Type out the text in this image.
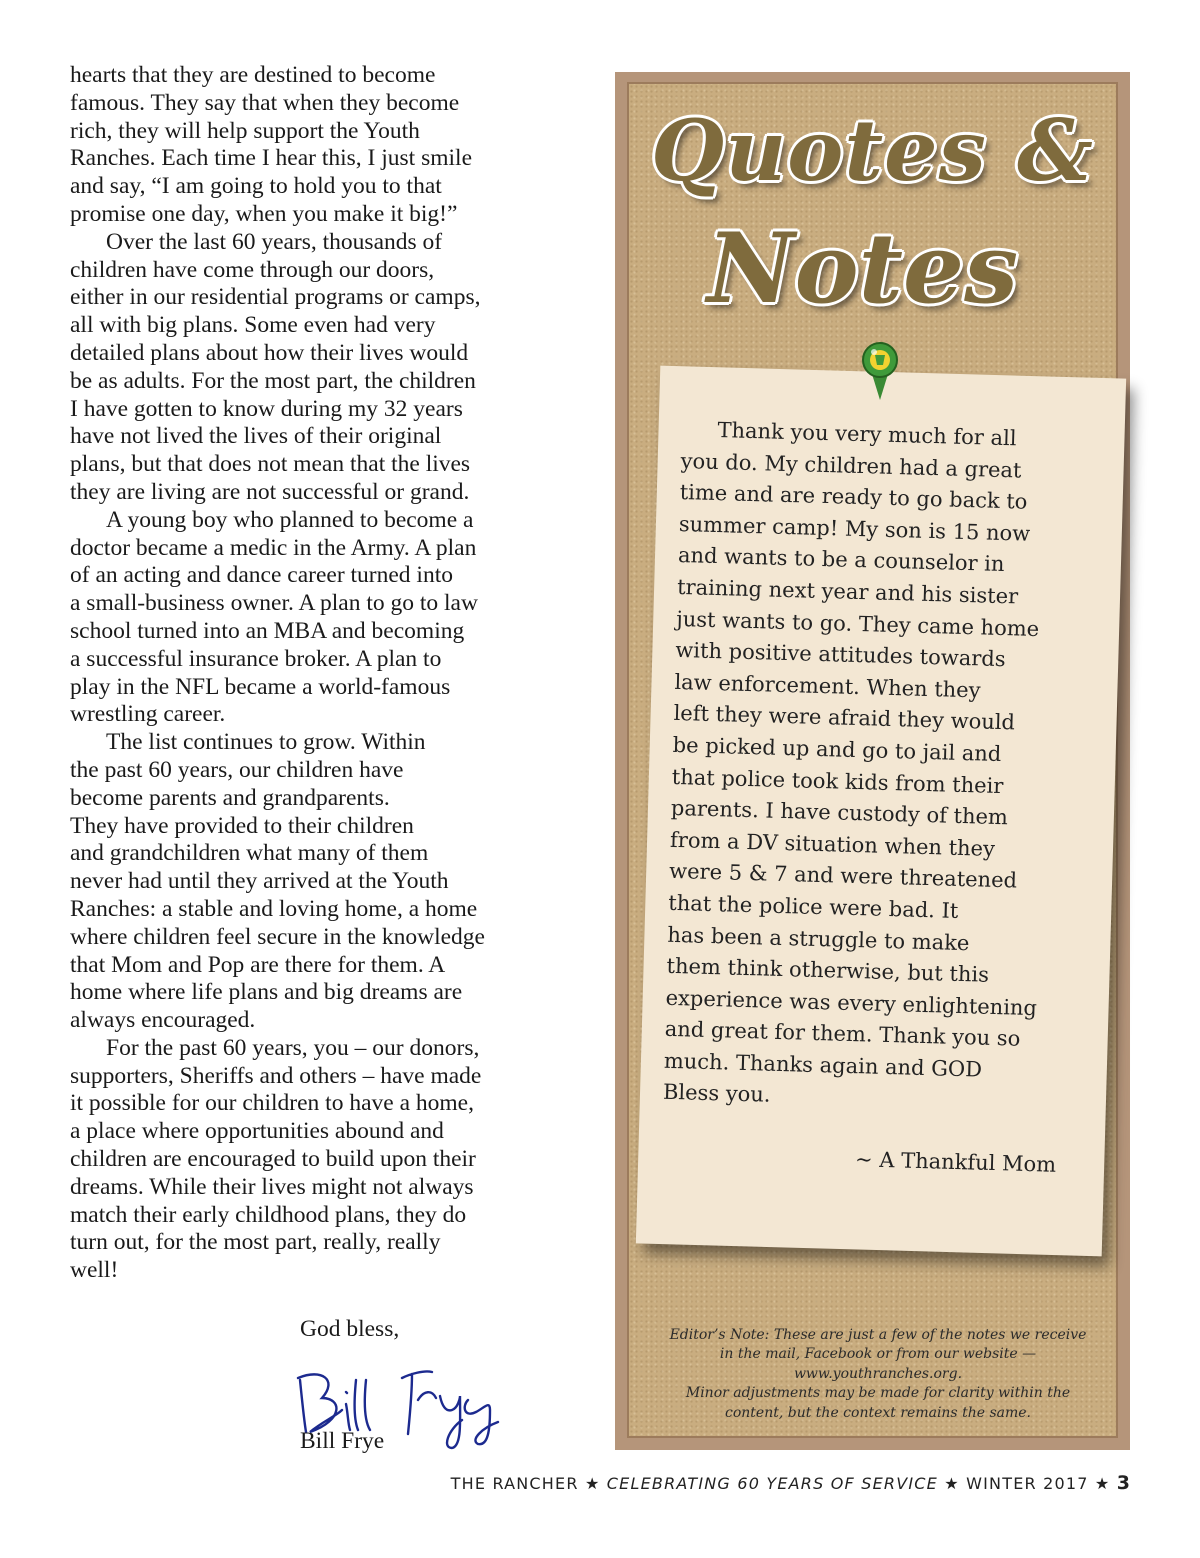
hearts that they are destined to become
famous. They say that when they become
rich, they will help support the Youth
Ranches. Each time I hear this, I just smile
and say, “I am going to hold you to that
promise one day, when you make it big!”

Over the last 60 years, thousands of
children have come through our doors,
either in our residential programs or camps,
all with big plans. Some even had very
detailed plans about how their lives would
be as adults. For the most part, the children
I have gotten to know during my 32 years
have not lived the lives of their original
plans, but that does not mean that the lives
they are living are not successful or grand.

A young boy who planned to become a
doctor became a medic in the Army. A plan
of an acting and dance career turned into
a small-business owner. A plan to go to law
school turned into an MBA and becoming
a successful insurance broker. A plan to
play in the NFL became a world-famous
wrestling career.

The list continues to grow. Within
the past 60 years, our children have
become parents and grandparents.
They have provided to their children
and grandchildren what many of them
never had until they arrived at the Youth
Ranches: a stable and loving home, a home
where children feel secure in the knowledge
that Mom and Pop are there for them. A
home where life plans and big dreams are
always encouraged.

For the past 60 years, you – our donors,
supporters, Sheriffs and others – have made
it possible for our children to have a home,
a place where opportunities abound and
children are encouraged to build upon their
dreams. While their lives might not always
match their early childhood plans, they do
turn out, for the most part, really, really
well!

God bless,
Bill Frye
Quotes &
Notes
Thank you very much for all
you do. My children had a great
time and are ready to go back to
summer camp! My son is 15 now
and wants to be a counselor in
training next year and his sister
just wants to go. They came home
with positive attitudes towards
law enforcement. When they
left they were afraid they would
be picked up and go to jail and
that police took kids from their
parents. I have custody of them
from a DV situation when they
were 5 & 7 and were threatened
that the police were bad. It
has been a struggle to make
them think otherwise, but this
experience was every enlightening
and great for them. Thank you so
much. Thanks again and GOD
Bless you.
~ A Thankful Mom
Editor’s Note: These are just a few of the notes we receive
in the mail, Facebook or from our website —
www.youthranches.org.
Minor adjustments may be made for clarity within the
content, but the context remains the same.
THE RANCHER ★ CELEBRATING 60 YEARS OF SERVICE ★ WINTER 2017 ★ 3
